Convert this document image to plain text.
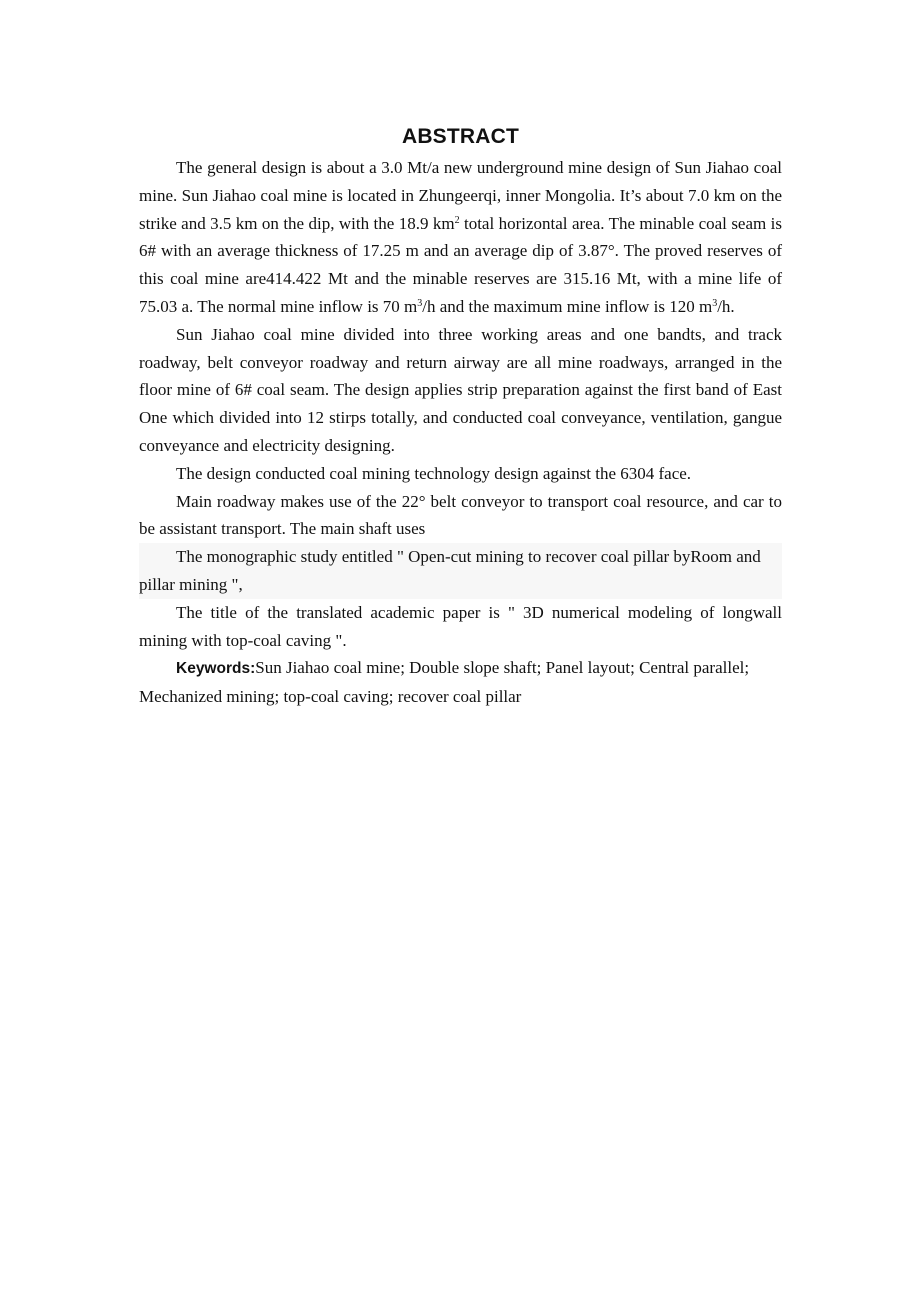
ABSTRACT

The general design is about a 3.0 Mt/a new underground mine design of Sun Jiahao coal mine. Sun Jiahao coal mine is located in Zhungeerqi, inner Mongolia. It’s about 7.0 km on the strike and 3.5 km on the dip, with the 18.9 $km^2$ total horizontal area. The minable coal seam is 6# with an average thickness of 17.25 m and an average dip of 3.87°. The proved reserves of this coal mine are414.422 Mt and the minable reserves are 315.16 Mt, with a mine life of 75.03 a. The normal mine inflow is 70 $m^3/h$ and the maximum mine inflow is 120 $m^3/h$.

Sun Jiahao coal mine divided into three working areas and one bandts, and track roadway, belt conveyor roadway and return airway are all mine roadways, arranged in the floor mine of 6# coal seam. The design applies strip preparation against the first band of East One which divided into 12 stirps totally, and conducted coal conveyance, ventilation, gangue conveyance and electricity designing.

The design conducted coal mining technology design against the 6304 face.

Main roadway makes use of the 22° belt conveyor to transport coal resource, and car to be assistant transport. The main shaft uses

The monographic study entitled " Open-cut mining to recover coal pillar byRoom and pillar mining ",

The title of the translated academic paper is " 3D numerical modeling of longwall mining with top-coal caving ".

Keywords:Sun Jiahao coal mine; Double slope shaft; Panel layout; Central parallel; Mechanized mining; top-coal caving; recover coal pillar
